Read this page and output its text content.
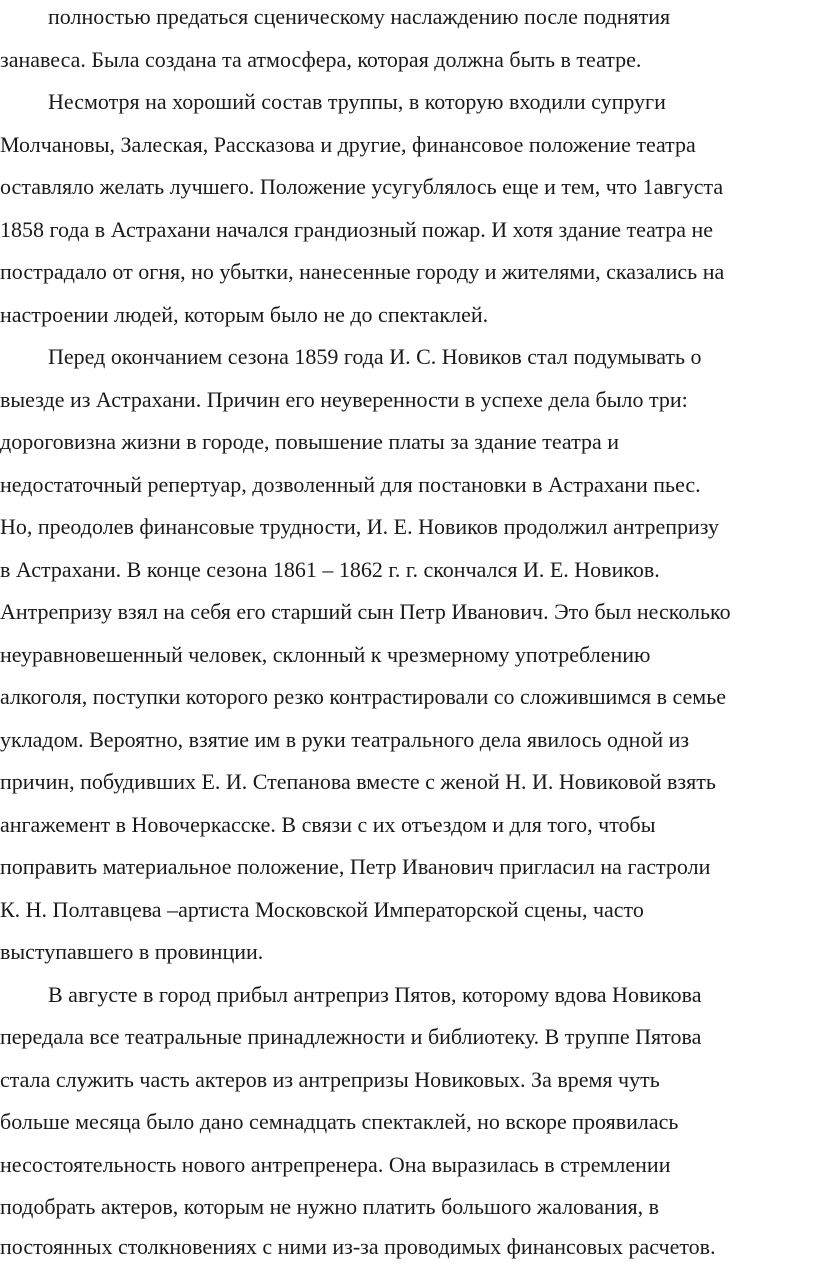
полностью предаться сценическому наслаждению после поднятия
занавеса. Была создана та атмосфера, которая должна быть в театре.
Несмотря на хороший состав труппы, в которую входили супруги
Молчановы, Залеская, Рассказова и другие, финансовое положение театра
оставляло желать лучшего. Положение усугублялось еще и тем, что 1августа
1858 года в Астрахани начался грандиозный пожар. И хотя здание театра не
пострадало от огня, но убытки, нанесенные городу и жителями, сказались на
настроении людей, которым было не до спектаклей.
Перед окончанием сезона 1859 года И. С. Новиков стал подумывать о
выезде из Астрахани. Причин его неуверенности в успехе дела было три:
дороговизна жизни в городе, повышение платы за здание театра и
недостаточный репертуар, дозволенный для постановки в Астрахани пьес.
Но, преодолев финансовые трудности, И. Е. Новиков продолжил антрепризу
в Астрахани. В конце сезона 1861 – 1862 г. г. скончался И. Е. Новиков.
Антрепризу взял на себя его старший сын Петр Иванович. Это был несколько
неуравновешенный человек, склонный к чрезмерному употреблению
алкоголя, поступки которого резко контрастировали со сложившимся в семье
укладом. Вероятно, взятие им в руки театрального дела явилось одной из
причин, побудивших Е. И. Степанова вместе с женой Н. И. Новиковой взять
ангажемент в Новочеркасске. В связи с их отъездом и для того, чтобы
поправить материальное положение, Петр Иванович пригласил на гастроли
К. Н. Полтавцева –артиста Московской Императорской сцены, часто
выступавшего в провинции.
В августе в город прибыл антреприз Пятов, которому вдова Новикова
передала все театральные принадлежности и библиотеку. В труппе Пятова
стала служить часть актеров из антрепризы Новиковых. За время чуть
больше месяца было дано семнадцать спектаклей, но вскоре проявилась
несостоятельность нового антрепренера. Она выразилась в стремлении
подобрать актеров, которым не нужно платить большого жалования, в
постоянных столкновениях с ними из-за проводимых финансовых расчетов.
